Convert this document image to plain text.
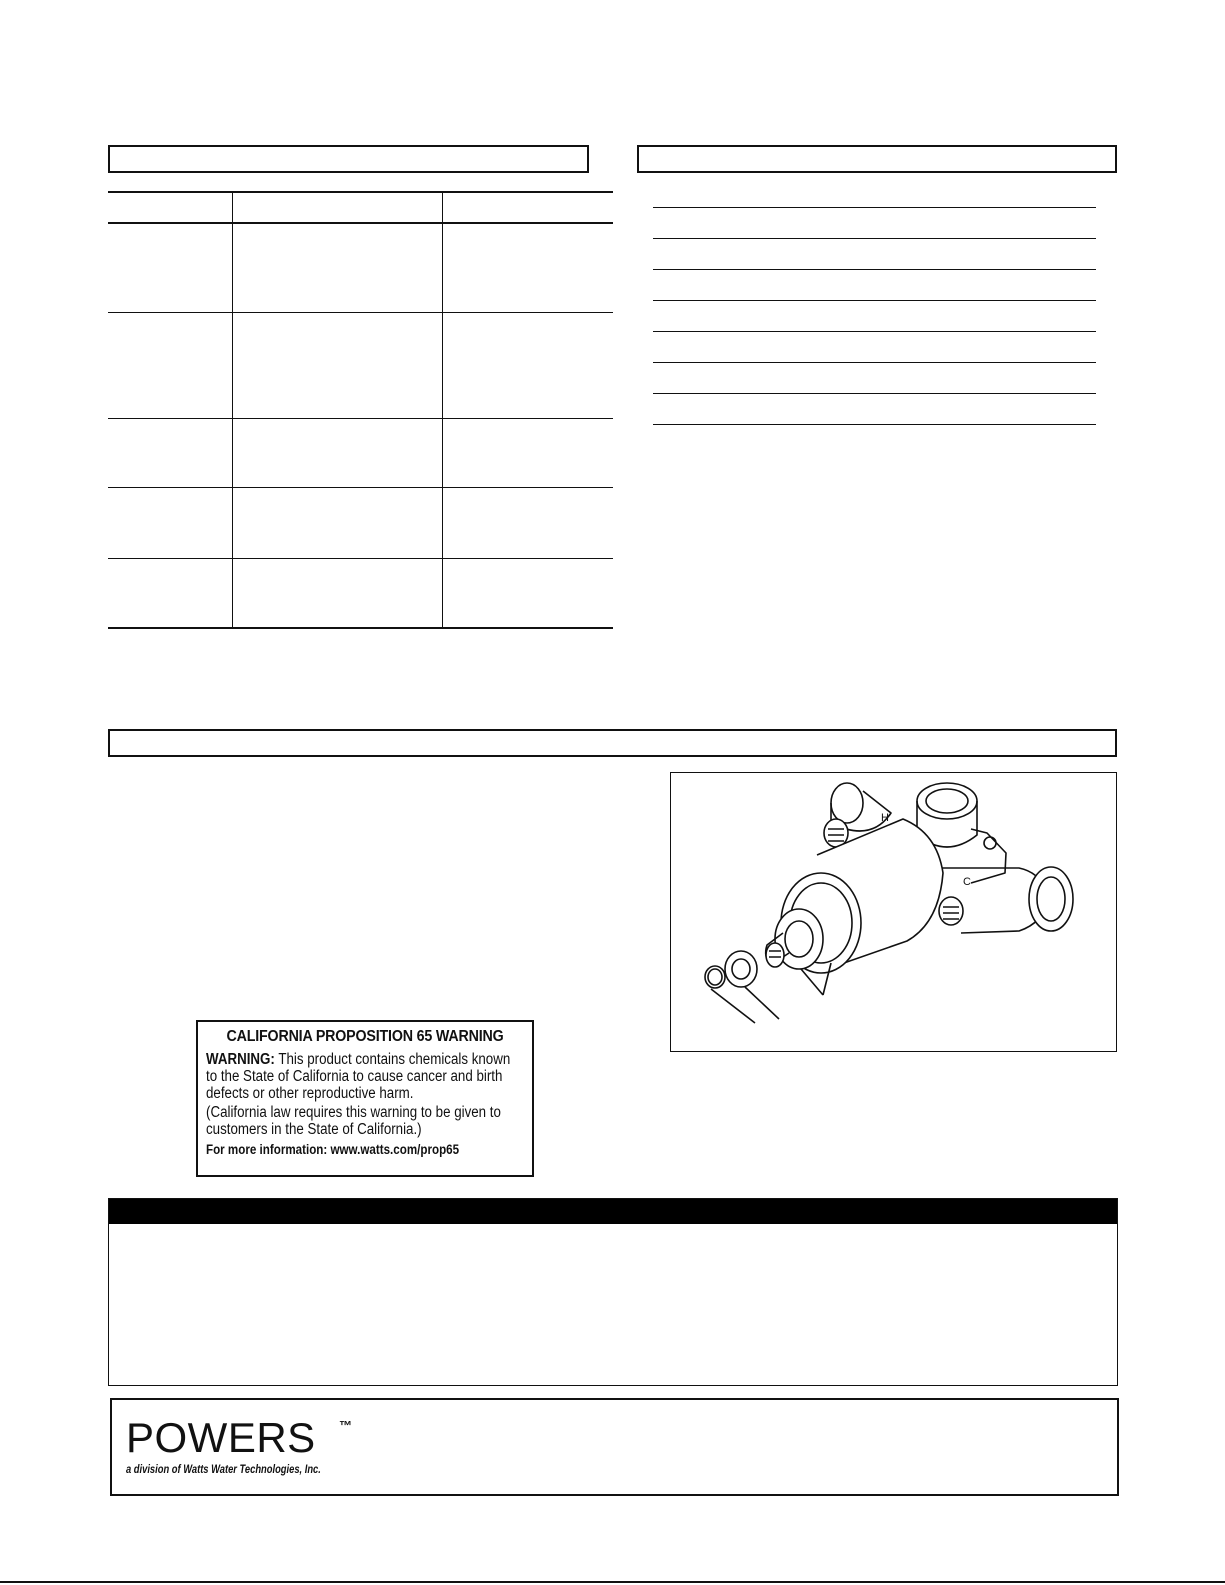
C
H
CALIFORNIA PROPOSITION 65 WARNING
WARNING: This product contains chemicals known to the State of California to cause cancer and birth defects or other reproductive harm.
(California law requires this warning to be given to customers in the State of California.)
For more information: www.watts.com/prop65
POWERS	™
a division of Watts Water Technologies, Inc.
